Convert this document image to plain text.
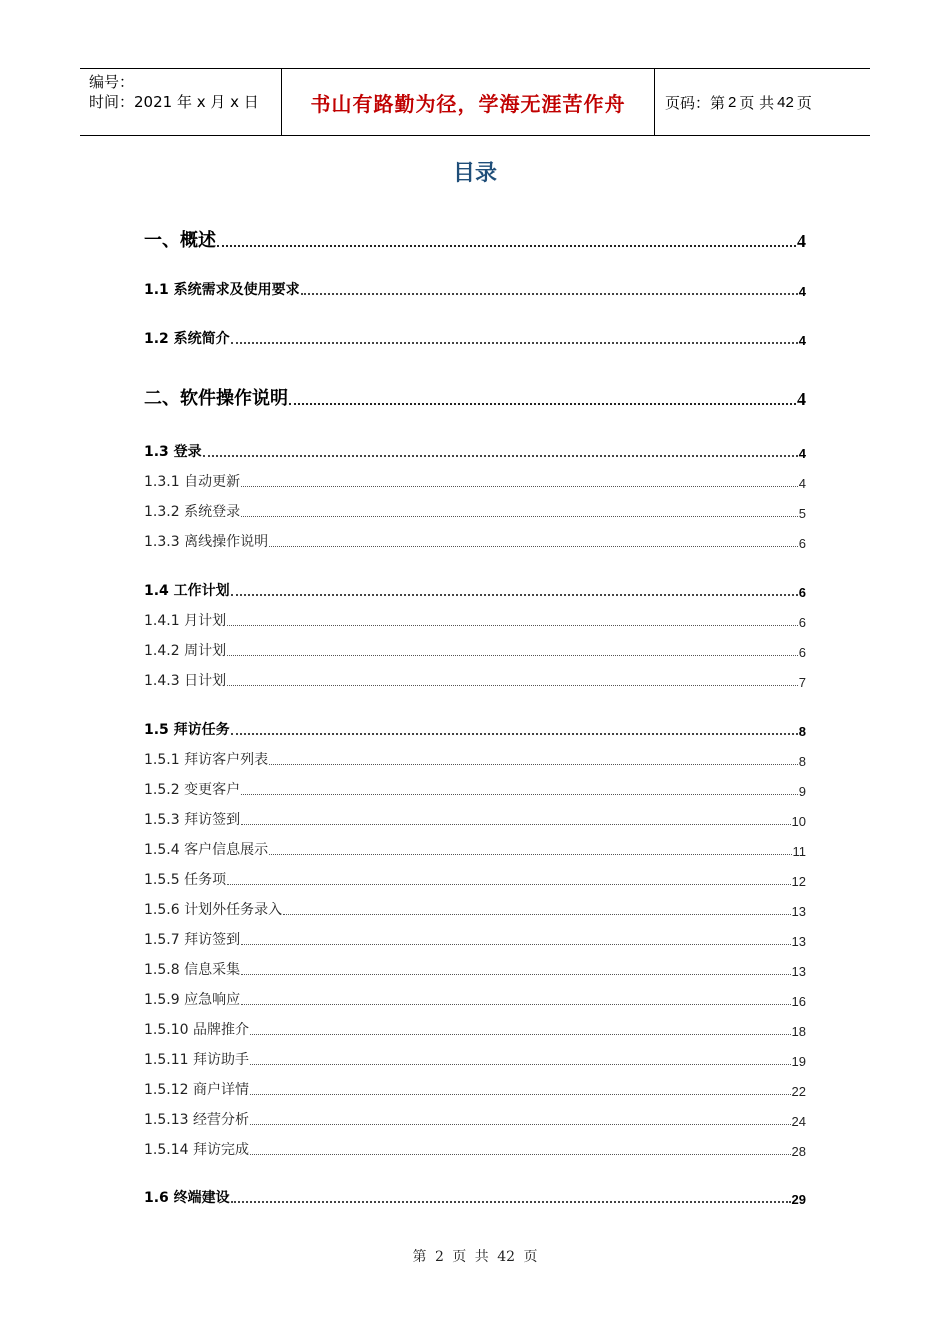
编号：
时间：2021 年 x 月 x 日	书山有路勤为径，学海无涯苦作舟	页码：第 2 页 共 42 页
目录
一、概述	4
1.1 系统需求及使用要求	4
1.2 系统简介	4
二、软件操作说明	4
1.3 登录	4
1.3.1 自动更新	4
1.3.2 系统登录	5
1.3.3 离线操作说明	6
1.4 工作计划	6
1.4.1 月计划	6
1.4.2 周计划	6
1.4.3 日计划	7
1.5 拜访任务	8
1.5.1 拜访客户列表	8
1.5.2 变更客户	9
1.5.3 拜访签到	10
1.5.4 客户信息展示	11
1.5.5 任务项	12
1.5.6 计划外任务录入	13
1.5.7 拜访签到	13
1.5.8 信息采集	13
1.5.9 应急响应	16
1.5.10 品牌推介	18
1.5.11 拜访助手	19
1.5.12 商户详情	22
1.5.13 经营分析	24
1.5.14 拜访完成	28
1.6 终端建设	29
第 2 页 共 42 页
